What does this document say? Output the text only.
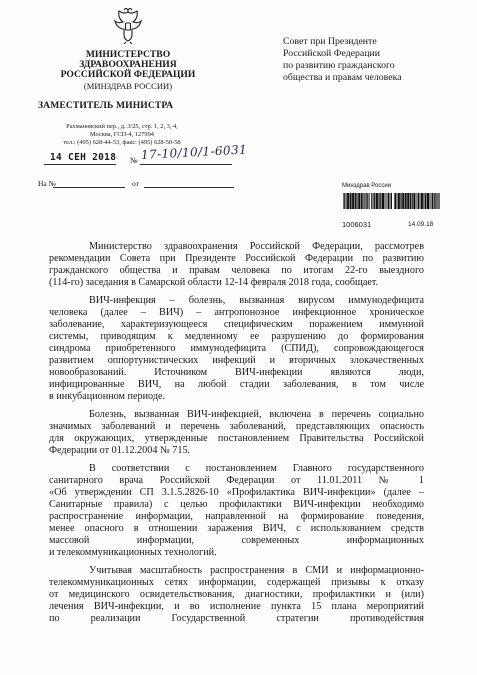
МИНИСТЕРСТВО
ЗДРАВООХРАНЕНИЯ
РОССИЙСКОЙ ФЕДЕРАЦИИ
(МИНЗДРАВ РОССИИ)
ЗАМЕСТИТЕЛЬ МИНИСТРА
Рахмановский пер., д. 3/25, стр. 1, 2, 3, 4,
Москва, ГСП-4, 127994
тел.: (495) 628-44-53, факс: (495) 628-50-58
14 СЕН 2018 № 17-10/10/1-6031
На №	от
Совет при Президенте
Российской Федерации
по развитию гражданского
общества и правам человека
Минздрав России
1006031	14.09.18
Министерство здравоохранения Российской Федерации, рассмотрев
рекомендации Совета при Президенте Российской Федерации по развитию
гражданского общества и правам человека по итогам 22-го выездного
(114-го) заседания в Самарской области 12-14 февраля 2018 года, сообщает.
ВИЧ-инфекция – болезнь, вызванная вирусом иммунодефицита
человека (далее – ВИЧ) – антропонозное инфекционное хроническое
заболевание, характеризующееся специфическим поражением иммунной
системы, приводящим к медленному ее разрушению до формирования
синдрома приобретенного иммунодефицита (СПИД), сопровождающегося
развитием оппортунистических инфекций и вторичных злокачественных
новообразований. Источником ВИЧ-инфекции являются люди,
инфицированные ВИЧ, на любой стадии заболевания, в том числе
в инкубационном периоде.
Болезнь, вызванная ВИЧ-инфекцией, включена в перечень социально
значимых заболеваний и перечень заболеваний, представляющих опасность
для окружающих, утвержденные постановлением Правительства Российской
Федерации от 01.12.2004 № 715.
В соответствии с постановлением Главного государственного
санитарного врача Российской Федерации от 11.01.2011 № 1
«Об утверждении СП 3.1.5.2826-10 «Профилактика ВИЧ-инфекции» (далее –
Санитарные правила) с целью профилактики ВИЧ-инфекции необходимо
распространение информации, направленной на формирование поведения,
менее опасного в отношении заражения ВИЧ, с использованием средств
массовой информации, современных информационных
и телекоммуникационных технологий.
Учитывая масштабность распространения в СМИ и информационно-
телекоммуникационных сетях информации, содержащей призывы к отказу
от медицинского освидетельствования, диагностики, профилактики и (или)
лечения ВИЧ-инфекции, и во исполнение пункта 15 плана мероприятий
по реализации Государственной стратегии противодействия
